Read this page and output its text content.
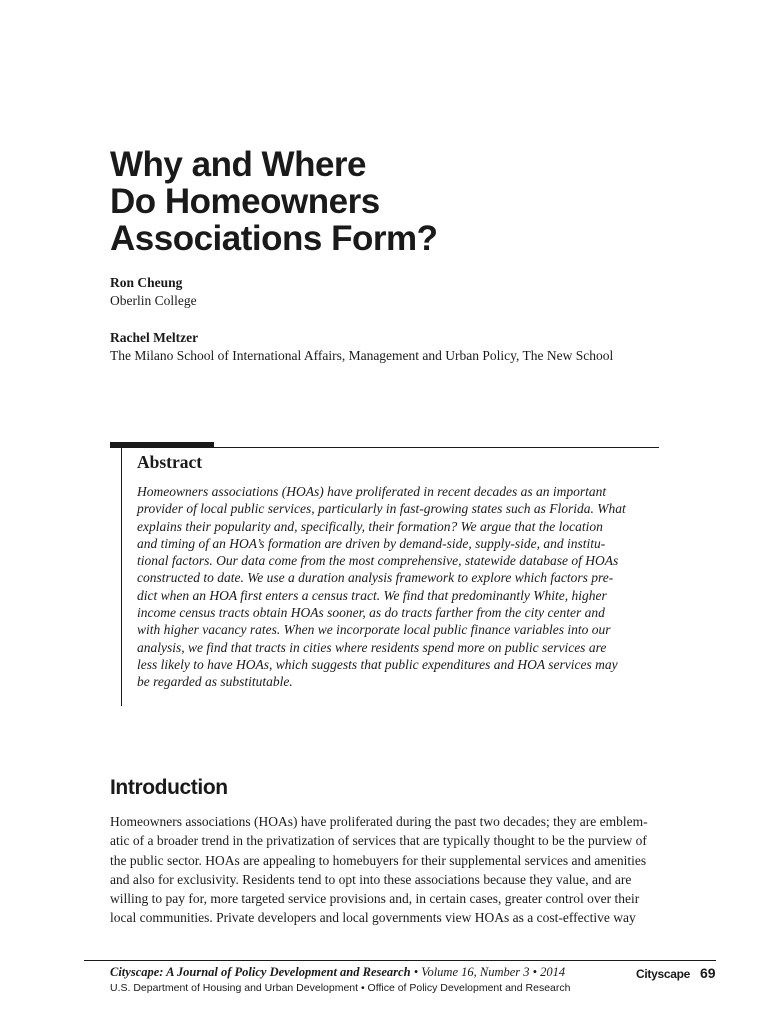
Why and Where
Do Homeowners
Associations Form?
Ron Cheung
Oberlin College
Rachel Meltzer
The Milano School of International Affairs, Management and Urban Policy, The New School
Abstract
Homeowners associations (HOAs) have proliferated in recent decades as an important
provider of local public services, particularly in fast-growing states such as Florida. What
explains their popularity and, specifically, their formation? We argue that the location
and timing of an HOA’s formation are driven by demand-side, supply-side, and institu-
tional factors. Our data come from the most comprehensive, statewide database of HOAs
constructed to date. We use a duration analysis framework to explore which factors pre-
dict when an HOA first enters a census tract. We find that predominantly White, higher
income census tracts obtain HOAs sooner, as do tracts farther from the city center and
with higher vacancy rates. When we incorporate local public finance variables into our
analysis, we find that tracts in cities where residents spend more on public services are
less likely to have HOAs, which suggests that public expenditures and HOA services may
be regarded as substitutable.
Introduction
Homeowners associations (HOAs) have proliferated during the past two decades; they are emblem-
atic of a broader trend in the privatization of services that are typically thought to be the purview of
the public sector. HOAs are appealing to homebuyers for their supplemental services and amenities
and also for exclusivity. Residents tend to opt into these associations because they value, and are
willing to pay for, more targeted service provisions and, in certain cases, greater control over their
local communities. Private developers and local governments view HOAs as a cost-effective way
Cityscape: A Journal of Policy Development and Research • Volume 16, Number 3 • 2014
U.S. Department of Housing and Urban Development • Office of Policy Development and Research
Cityscape 69
